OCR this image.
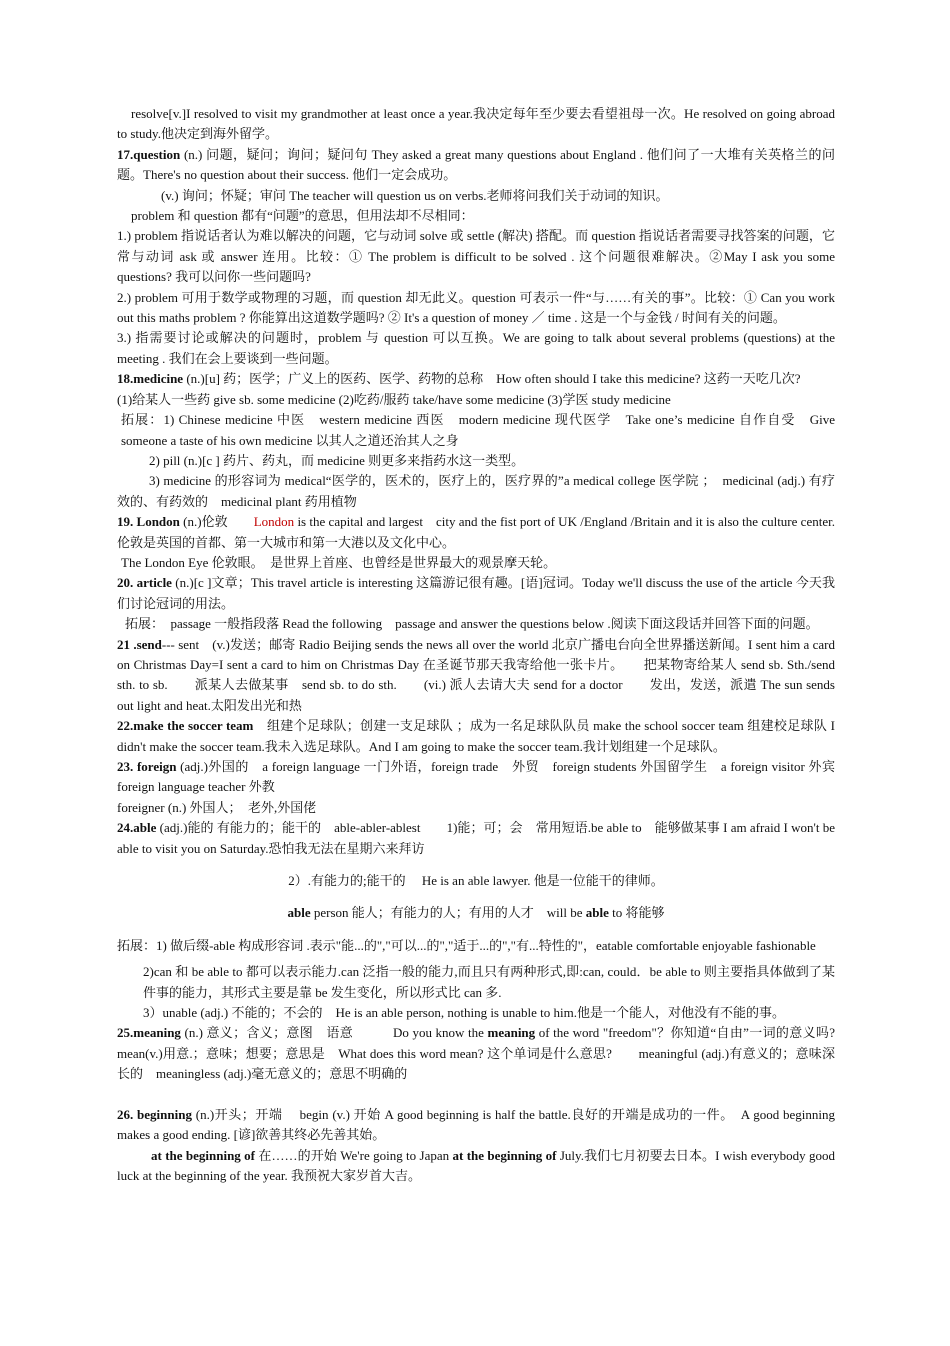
resolve[v.]I resolved to visit my grandmother at least once a year.我决定每年至少要去看望祖母一次。He resolved on going abroad to study.他决定到海外留学。

17.question (n.) 问题，疑问；询问；疑问句 They asked a great many questions about England . 他们问了一大堆有关英格兰的问题。There's no question about their success. 他们一定会成功。

(v.) 询问；怀疑；审问 The teacher will question us on verbs.老师将问我们关于动词的知识。

problem 和 question 都有“问题”的意思，但用法却不尽相同：

1.) problem 指说话者认为难以解决的问题，它与动词 solve 或 settle (解决) 搭配。而 question 指说话者需要寻找答案的问题，它常与动词 ask 或 answer 连用。比较：① The problem is difficult to be solved . 这个问题很难解决。②May I ask you some questions? 我可以问你一些问题吗?

2.) problem 可用于数学或物理的习题，而 question 却无此义。question 可表示一件“与……有关的事”。比较：① Can you work out this maths problem ? 你能算出这道数学题吗? ② It's a question of money ／ time . 这是一个与金钱 / 时间有关的问题。

3.) 指需要讨论或解决的问题时，problem 与 question 可以互换。We are going to talk about several problems (questions) at the meeting . 我们在会上要谈到一些问题。

18.medicine (n.)[u] 药；医学；广义上的医药、医学、药物的总称　How often should I take this medicine? 这药一天吃几次?

(1)给某人一些药 give sb. some medicine (2)吃药/服药 take/have some medicine (3)学医 study medicine

拓展：1) Chinese medicine 中医　western medicine 西医　modern medicine 现代医学　Take one’s medicine 自作自受　Give someone a taste of his own medicine 以其人之道还治其人之身

2) pill (n.)[c ] 药片、药丸，而 medicine 则更多来指药水这一类型。

3) medicine 的形容词为 medical“医学的，医术的，医疗上的，医疗界的”a medical college 医学院 ；　medicinal (adj.) 有疗效的、有药效的　medicinal plant 药用植物

19. London (n.)伦敦　　London is the capital and largest　city and the fist port of UK /England /Britain and it is also the culture center. 伦敦是英国的首都、第一大城市和第一大港以及文化中心。

The London Eye 伦敦眼。　是世界上首座、也曾经是世界最大的观景摩天轮。

20. article (n.)[c ]文章；This travel article is interesting 这篇游记很有趣。[语]冠词。Today we'll discuss the use of the article 今天我们讨论冠词的用法。

拓展：　passage 一般指段落 Read the following　passage and answer the questions below .阅读下面这段话并回答下面的问题。

21 .send--- sent　(v.)发送；邮寄 Radio Beijing sends the news all over the world 北京广播电台向全世界播送新闻。I sent him a card on Christmas Day=I sent a card to him on Christmas Day 在圣诞节那天我寄给他一张卡片。　　把某物寄给某人 send sb. Sth./send sth. to sb.　　派某人去做某事　send sb. to do sth.　　(vi.) 派人去请大夫 send for a doctor　　发出，发送，派遣 The sun sends out light and heat.太阳发出光和热

22.make the soccer team　组建个足球队；创建一支足球队 ；成为一名足球队队员 make the school soccer team 组建校足球队 I didn't make the soccer team.我未入选足球队。And I am going to make the soccer team.我计划组建一个足球队。

23. foreign (adj.)外国的　a foreign language 一门外语，foreign trade　外贸　foreign students 外国留学生　a foreign visitor 外宾　foreign language teacher 外教

foreigner (n.) 外国人；　老外,外国佬

24.able (adj.)能的 有能力的；能干的　able-abler-ablest　　1)能；可；会　常用短语.be able to　能够做某事 I am afraid I won't be able to visit you on Saturday.恐怕我无法在星期六来拜访

2）.有能力的;能干的　 He is an able lawyer. 他是一位能干的律师。

able person 能人；有能力的人；有用的人才　will be able to 将能够

拓展：1) 做后缀-able 构成形容词 .表示"能...的","可以...的","适于...的","有...特性的"，eatable comfortable enjoyable fashionable

2)can 和 be able to 都可以表示能力.can 泛指一般的能力,而且只有两种形式,即:can, could．be able to 则主要指具体做到了某件事的能力，其形式主要是靠 be 发生变化，所以形式比 can 多.

3）unable (adj.) 不能的；不会的　He is an able person, nothing is unable to him.他是一个能人，对他没有不能的事。

25.meaning (n.) 意义；含义；意图　语意　　　Do you know the meaning of the word "freedom"？你知道“自由”一词的意义吗? mean(v.)用意.；意味；想要；意思是　What does this word mean? 这个单词是什么意思?　　meaningful (adj.)有意义的；意味深长的　meaningless (adj.)毫无意义的；意思不明确的

26. beginning (n.)开头；开端　 begin (v.) 开始 A good beginning is half the battle.良好的开端是成功的一件。　A good beginning makes a good ending. [谚]欲善其终必先善其始。

at the beginning of 在……的开始 We're going to Japan at the beginning of July.我们七月初要去日本。I wish everybody good luck at the beginning of the year. 我预祝大家岁首大吉。
